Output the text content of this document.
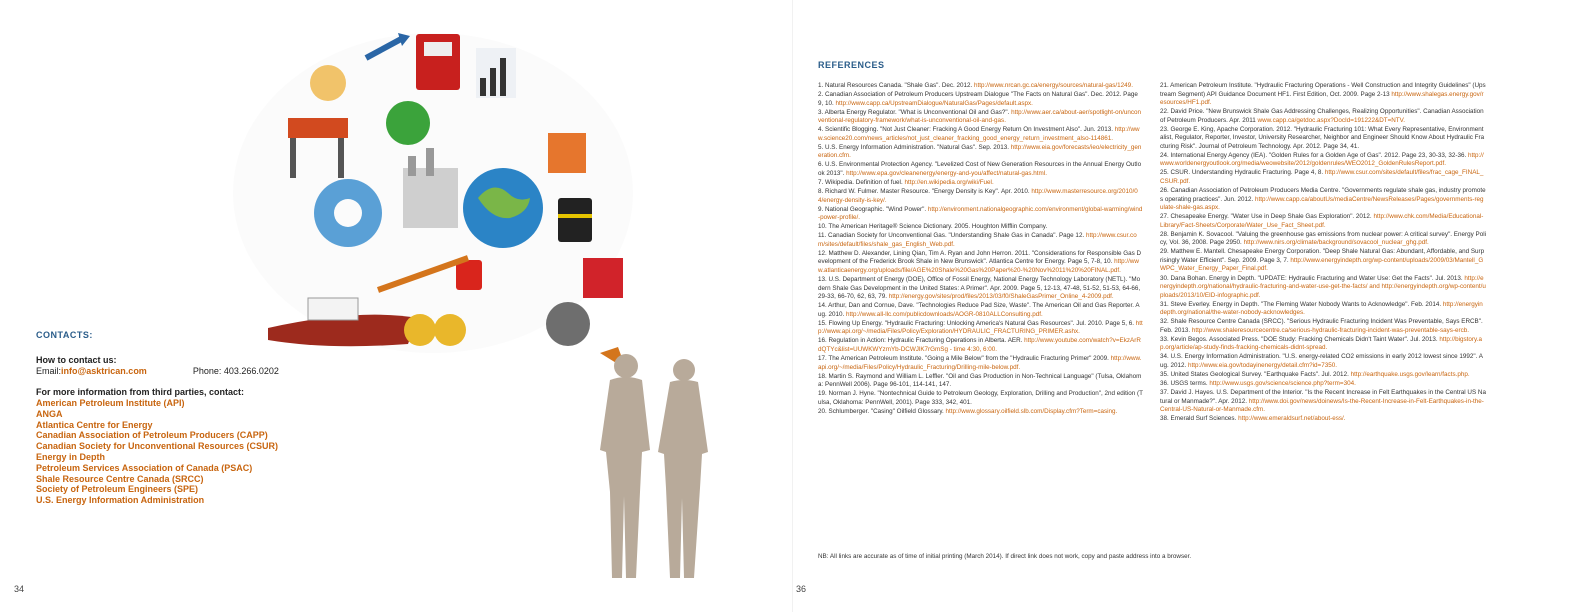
CONTACTS:
How to contact us:
Email: info@asktrican.com	Phone: 403.266.0202
For more information from third parties, contact:
American Petroleum Institute (API)
ANGA
Atlantica Centre for Energy
Canadian Association of Petroleum Producers (CAPP)
Canadian Society for Unconventional Resources (CSUR)
Energy in Depth
Petroleum Services Association of Canada (PSAC)
Shale Resource Centre Canada (SRCC)
Society of Petroleum Engineers (SPE)
U.S. Energy Information Administration
34	36
REFERENCES
1. Natural Resources Canada. "Shale Gas". Dec. 2012. http://www.nrcan.gc.ca/energy/sources/natural-gas/1249.
2. Canadian Association of Petroleum Producers Upstream Dialogue "The Facts on Natural Gas". Dec. 2012. Page 9, 10. http://www.capp.ca/UpstreamDialogue/NaturalGas/Pages/default.aspx.
3. Alberta Energy Regulator. "What is Unconventional Oil and Gas?". http://www.aer.ca/about-aer/spotlight-on/unconventional-regulatory-framework/what-is-unconventional-oil-and-gas.
4. Scientific Blogging. "Not Just Cleaner: Fracking A Good Energy Return On Investment Also". Jun. 2013. http://www.science20.com/news_articles/not_just_cleaner_fracking_good_energy_return_investment_also-114861.
5. U.S. Energy Information Administration. "Natural Gas". Sep. 2013. http://www.eia.gov/forecasts/ieo/electricity_generation.cfm.
6. U.S. Environmental Protection Agency. "Levelized Cost of New Generation Resources in the Annual Energy Outlook 2013". http://www.epa.gov/cleanenergy/energy-and-you/affect/natural-gas.html.
7. Wikipedia. Definition of fuel. http://en.wikipedia.org/wiki/Fuel.
8. Richard W. Fulmer. Master Resource. "Energy Density is Key". Apr. 2010. http://www.masterresource.org/2010/04/energy-density-is-key/.
9. National Geographic. "Wind Power". http://environment.nationalgeographic.com/environment/global-warming/wind-power-profile/.
10. The American Heritage® Science Dictionary. 2005. Houghton Mifflin Company.
11. Canadian Society for Unconventional Gas. "Understanding Shale Gas in Canada". Page 12. http://www.csur.com/sites/default/files/shale_gas_English_Web.pdf.
12. Matthew D. Alexander, Lining Qian, Tim A. Ryan and John Herron. 2011. "Considerations for Responsible Gas Development of the Frederick Brook Shale in New Brunswick". Atlantica Centre for Energy. Page 5, 7-8, 10. http://www.atlanticaenergy.org/uploads/file/AGE%20Shale%20Gas%20Paper%20-%20Nov%2011%20%20FINAL.pdf.
13. U.S. Department of Energy (DOE), Office of Fossil Energy, National Energy Technology Laboratory (NETL). "Modern Shale Gas Development in the United States: A Primer". Apr. 2009. Page 5, 12-13, 47-48, 51-52, 51-53, 64-66, 29-33, 66-70, 62, 63, 79. http://energy.gov/sites/prod/files/2013/03/f0/ShaleGasPrimer_Online_4-2009.pdf.
14. Arthur, Dan and Cornue, Dave. "Technologies Reduce Pad Size, Waste". The American Oil and Gas Reporter. Aug. 2010. http://www.all-llc.com/publicdownloads/AOGR-0810ALLConsulting.pdf.
15. Flowing Up Energy. "Hydraulic Fracturing: Unlocking America's Natural Gas Resources". Jul. 2010. Page 5, 6. http://www.api.org/~/media/Files/Policy/Exploration/HYDRAULIC_FRACTURING_PRIMER.ashx.
16. Regulation in Action: Hydraulic Fracturing Operations in Alberta. AER. http://www.youtube.com/watch?v=EkzArRdQTYc&list=UUWKWYzmYb-DCWJlK7rGmSg - time 4:30, 6:00.
17. The American Petroleum Institute. "Going a Mile Below" from the "Hydraulic Fracturing Primer" 2009. http://www.api.org/~/media/Files/Policy/Hydraulic_Fracturing/Drilling-mile-below.pdf.
18. Martin S. Raymond and William L. Leffler. "Oil and Gas Production in Non-Technical Language" (Tulsa, Oklahoma: PennWell 2006). Page 96-101, 114-141, 147.
19. Norman J. Hyne. "Nontechnical Guide to Petroleum Geology, Exploration, Drilling and Production", 2nd edition (Tulsa, Oklahoma: PennWell, 2001). Page 333, 342, 401.
20. Schlumberger. "Casing" Oilfield Glossary. http://www.glossary.oilfield.slb.com/Display.cfm?Term=casing.
21. American Petroleum Institute. "Hydraulic Fracturing Operations - Well Construction and Integrity Guidelines" (Upstream Segment) API Guidance Document HF1. First Edition, Oct. 2009. Page 2-13 http://www.shalegas.energy.gov/resources/HF1.pdf.
22. David Price. "New Brunswick Shale Gas Addressing Challenges, Realizing Opportunities". Canadian Association of Petroleum Producers. Apr. 2011 www.capp.ca/getdoc.aspx?DocId=191222&DT=NTV.
23. George E. King, Apache Corporation. 2012. "Hydraulic Fracturing 101: What Every Representative, Environmentalist, Regulator, Reporter, Investor, University Researcher, Neighbor and Engineer Should Know About Hydraulic Fracturing Risk". Journal of Petroleum Technology. Apr. 2012. Page 34, 41.
24. International Energy Agency (IEA). "Golden Rules for a Golden Age of Gas". 2012. Page 23, 30-33, 32-36. http://www.worldenergyoutlook.org/media/weowebsite/2012/goldenrules/WEO2012_GoldenRulesReport.pdf.
25. CSUR. Understanding Hydraulic Fracturing. Page 4, 8. http://www.csur.com/sites/default/files/frac_cage_FINAL_CSUR.pdf.
26. Canadian Association of Petroleum Producers Media Centre. "Governments regulate shale gas, industry promotes operating practices". Jun. 2012. http://www.capp.ca/aboutUs/mediaCentre/NewsReleases/Pages/governments-regulate-shale-gas.aspx.
27. Chesapeake Energy. "Water Use in Deep Shale Gas Exploration". 2012. http://www.chk.com/Media/Educational-Library/Fact-Sheets/Corporate/Water_Use_Fact_Sheet.pdf.
28. Benjamin K. Sovacool. "Valuing the greenhouse gas emissions from nuclear power: A critical survey". Energy Policy, Vol. 36, 2008. Page 2950. http://www.nirs.org/climate/background/sovacool_nuclear_ghg.pdf.
29. Matthew E. Mantell. Chesapeake Energy Corporation. "Deep Shale Natural Gas: Abundant, Affordable, and Surprisingly Water Efficient". Sep. 2009. Page 3, 7. http://www.energyindepth.org/wp-content/uploads/2009/03/Mantell_GWPC_Water_Energy_Paper_Final.pdf.
30. Dana Bohan. Energy in Depth. "UPDATE: Hydraulic Fracturing and Water Use: Get the Facts". Jul. 2013. http://energyindepth.org/national/hydraulic-fracturing-and-water-use-get-the-facts/ and http://energyindepth.org/wp-content/uploads/2013/10/EID-infographic.pdf.
31. Steve Everley. Energy in Depth. "The Fleming Water Nobody Wants to Acknowledge". Feb. 2014. http://energyindepth.org/national/the-water-nobody-acknowledges.
32. Shale Resource Centre Canada (SRCC). "Serious Hydraulic Fracturing Incident Was Preventable, Says ERCB". Feb. 2013. http://www.shaleresourcecentre.ca/serious-hydraulic-fracturing-incident-was-preventable-says-ercb.
33. Kevin Begos. Associated Press. "DOE Study: Fracking Chemicals Didn't Taint Water". Jul. 2013. http://bigstory.ap.org/article/ap-study-finds-fracking-chemicals-didnt-spread.
34. U.S. Energy Information Administration. "U.S. energy-related CO2 emissions in early 2012 lowest since 1992". Aug. 2012. http://www.eia.gov/todayinenergy/detail.cfm?id=7350.
35. United States Geological Survey. "Earthquake Facts". Jul. 2012. http://earthquake.usgs.gov/learn/facts.php.
36. USGS terms. http://www.usgs.gov/science/science.php?term=304.
37. David J. Hayes. U.S. Department of the Interior. "Is the Recent Increase in Felt Earthquakes in the Central US Natural or Manmade?". Apr. 2012. http://www.doi.gov/news/doinews/Is-the-Recent-Increase-in-Felt-Earthquakes-in-the-Central-US-Natural-or-Manmade.cfm.
38. Emerald Surf Sciences. http://www.emeraldsurf.net/about-ess/.
NB: All links are accurate as of time of initial printing (March 2014). If direct link does not work, copy and paste address into a browser.
